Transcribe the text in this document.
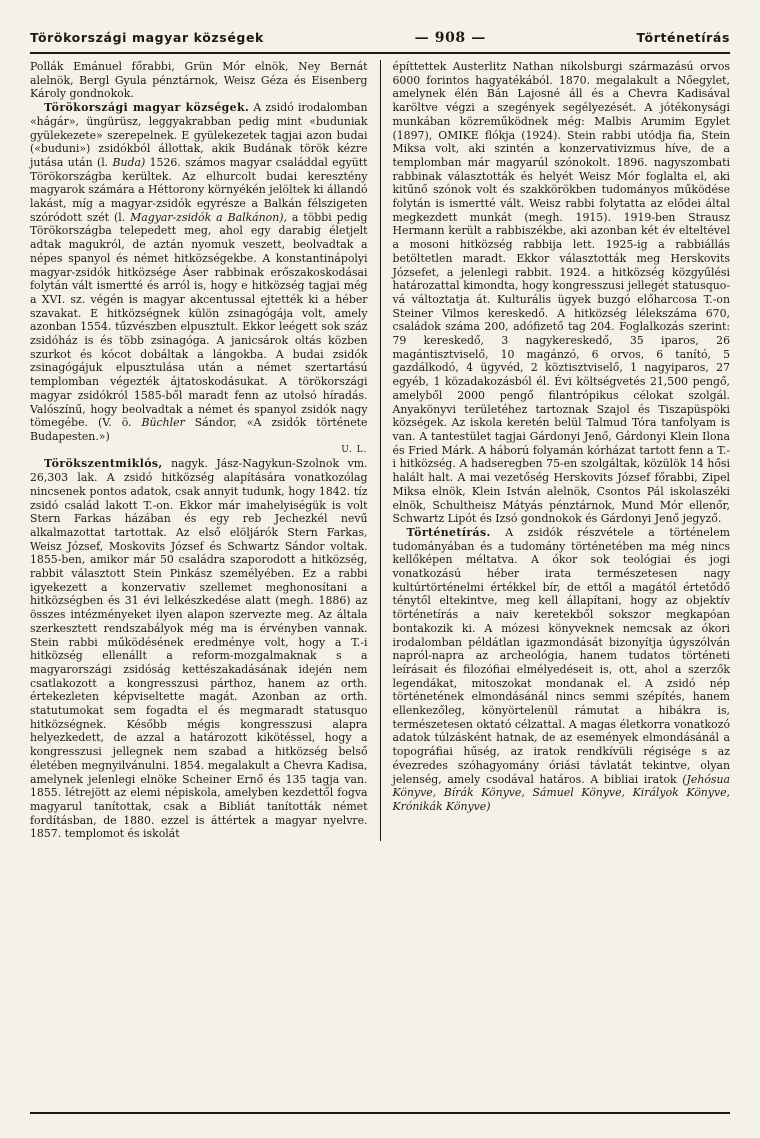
Törökországi magyar községek	— 908 —	Történetírás

Pollák Emánuel főrabbi, Grün Mór elnök, Ney Bernát alelnök, Bergl Gyula pénztárnok, Weisz Géza és Eisenberg Károly gondnokok.

Törökországi magyar községek. A zsidó irodalomban «hágár», üngürüsz, leggyakrabban pedig mint «buduniak gyülekezete» szerepelnek. E gyülekezetek tagjai azon budai («buduni») zsidókból állottak, akik Budának török kézre jutása után (l. Buda) 1526. számos magyar családdal együtt Törökországba kerültek. Az elhurcolt budai keresztény magyarok számára a Héttorony környékén jelöltek ki állandó lakást, míg a magyar-zsidók egyrésze a Balkán félszigeten szóródott szét (l. Magyar-zsidók a Balkánon), a többi pedig Törökországba telepedett meg, ahol egy darabig életjelt adtak magukról, de aztán nyomuk veszett, beolvadtak a népes spanyol és német hitközségekbe. A konstantinápolyi magyar-zsidók hitközsége Áser rabbinak erőszakoskodásai folytán vált ismertté és arról is, hogy e hitközség tagjai még a XVI. sz. végén is magyar akcentussal ejtették ki a héber szavakat. E hitközségnek külön zsinagógája volt, amely azonban 1554. tűzvészben elpusztult. Ekkor leégett sok száz zsidóház is és több zsinagóga. A janicsárok oltás közben szurkot és kócot dobáltak a lángokba. A budai zsidók zsinagógájuk elpusztulása után a német szertartású templomban végezték ájtatoskodásukat. A törökországi magyar zsidókról 1585-ből maradt fenn az utolsó híradás. Valószínű, hogy beolvadtak a német és spanyol zsidók nagy tömegébe. (V. ö. Büchler Sándor, «A zsidók története Budapesten.»)
U. L.

Törökszentmiklós, nagyk. Jász-Nagykun-Szolnok vm. 26,303 lak. A zsidó hitközség alapítására vonatkozólag nincsenek pontos adatok, csak annyit tudunk, hogy 1842. tíz zsidó család lakott T.-on. Ekkor már imahelyiségük is volt Stern Farkas házában és egy reb Jechezkél nevű alkalmazottat tartottak. Az első elöljárók Stern Farkas, Weisz József, Moskovits József és Schwartz Sándor voltak. 1855-ben, amikor már 50 családra szaporodott a hitközség, rabbit választott Stein Pinkász személyében. Ez a rabbi igyekezett a konzervativ szellemet meghonosítani a hitközségben és 31 évi lelkészkedése alatt (megh. 1886) az összes intézményeket ilyen alapon szervezte meg. Az általa szerkesztett rendszabályok még ma is érvényben vannak. Stein rabbi működésének eredménye volt, hogy a T.-i hitközség ellenállt a reform-mozgalmaknak s a magyarországi zsidóság kettészakadásának idején nem csatlakozott a kongresszusi párthoz, hanem az orth. értekezleten képviseltette magát. Azonban az orth. statutumokat sem fogadta el és megmaradt statusquo hitközségnek. Később mégis kongresszusi alapra helyezkedett, de azzal a határozott kikötéssel, hogy a kongresszusi jellegnek nem szabad a hitközség belső életében megnyilvánulni. 1854. megalakult a Chevra Kadisa, amelynek jelenlegi elnöke Scheiner Ernő és 135 tagja van. 1855. létrejött az elemi népiskola, amelyben kezdettől fogva magyarul tanítottak, csak a Bibliát tanították német fordításban, de 1880. ezzel is áttértek a magyar nyelvre. 1857. templomot és iskolát

építtettek Austerlitz Nathan nikolsburgi származású orvos 6000 forintos hagyatékából. 1870. megalakult a Nőegylet, amelynek élén Bán Lajosné áll és a Chevra Kadisával karöltve végzi a szegények segélyezését. A jótékonysági munkában közreműködnek még: Malbis Arumim Egylet (1897), OMIKE flókja (1924). Stein rabbi utódja fia, Stein Miksa volt, aki szintén a konzervativizmus híve, de a templomban már magyarúl szónokolt. 1896. nagyszombati rabbinak választották és helyét Weisz Mór foglalta el, aki kitűnő szónok volt és szakkörökben tudományos működése folytán is ismertté vált. Weisz rabbi folytatta az elődei által megkezdett munkát (megh. 1915). 1919-ben Strausz Hermann került a rabbiszékbe, aki azonban két év elteltével a mosoni hitközség rabbija lett. 1925-ig a rabbiállás betöltetlen maradt. Ekkor választották meg Herskovits Józsefet, a jelenlegi rabbit. 1924. a hitközség közgyűlési határozattal kimondta, hogy kongresszusi jellegét statusquo-vá változtatja át. Kulturális ügyek buzgó előharcosa T.-on Steiner Vilmos kereskedő. A hitközség lélekszáma 670, családok száma 200, adófizető tag 204. Foglalkozás szerint: 79 kereskedő, 3 nagykereskedő, 35 iparos, 26 magántisztviselő, 10 magánzó, 6 orvos, 6 tanító, 5 gazdálkodó, 4 ügyvéd, 2 köztisztviselő, 1 nagyiparos, 27 egyéb, 1 közadakozásból él. Évi költségvetés 21,500 pengő, amelyből 2000 pengő filantrópikus célokat szolgál. Anyakönyvi területéhez tartoznak Szajol és Tiszapüspöki községek. Az iskola keretén belül Talmud Tóra tanfolyam is van. A tantestület tagjai Gárdonyi Jenő, Gárdonyi Klein Ilona és Fried Márk. A háború folyamán kórházat tartott fenn a T.-i hitközség. A hadseregben 75-en szolgáltak, közülök 14 hősi halált halt. A mai vezetőség Herskovits József főrabbi, Zipel Miksa elnök, Klein István alelnök, Csontos Pál iskolaszéki elnök, Schultheisz Mátyás pénztárnok, Mund Mór ellenőr, Schwartz Lipót és Izsó gondnokok és Gárdonyi Jenő jegyző.

Történetírás. A zsidók részvétele a történelem tudományában és a tudomány történetében ma még nincs kellőképen méltatva. A ókor sok teológiai és jogi vonatkozású héber irata természetesen nagy kultúrtörténelmi értékkel bír, de ettől a magától értetődő ténytől eltekintve, meg kell állapítani, hogy az objektív történetírás a naiv keretekből sokszor megkapóan bontakozik ki. A mózesi könyveknek nemcsak az ókori irodalomban példátlan igazmondását bizonyítja úgyszólván napról-napra az archeológia, hanem tudatos történeti leírásait és filozófiai elmélyedéseit is, ott, ahol a szerzők legendákat, mitoszokat mondanak el. A zsidó nép történetének elmondásánál nincs semmi szépítés, hanem ellenkezőleg, könyörtelenül rámutat a hibákra is, természetesen oktató célzattal. A magas életkorra vonatkozó adatok túlzásként hatnak, de az események elmondásánál a topográfiai hűség, az iratok rendkívüli régisége s az évezredes szóhagyomány óriási távlatát tekintve, olyan jelenség, amely csodával határos. A bibliai iratok (Jehósua Könyve, Bírák Könyve, Sámuel Könyve, Királyok Könyve, Krónikák Könyve)
